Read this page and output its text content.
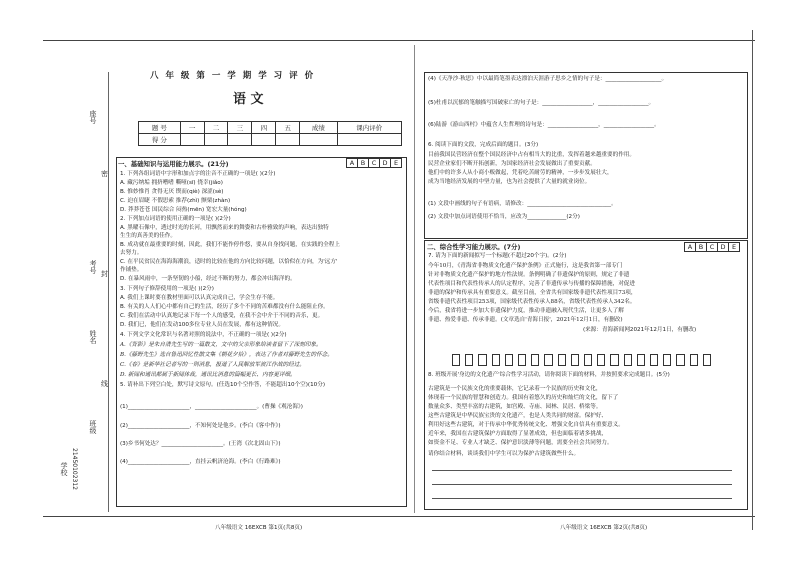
座号
考号
姓名
班级
学校 21450102312
密
封
线
八 年 级 第 一 学 期 学 习 评 价
语 文
题 号	一	二	三	四	五	成绩	课内评价
得 分							
一、基础知识与运用能力展示。(21分)	A	B	C	D	E
1. 下列各组词语中字形和加点字的注音不正确的一项是( )(2分)
A. 藏污纳垢 拥挤嘈嗜 嘶哑(sī) 侥幸(jiǎo)
B. 惟妙惟肖 贪得无厌 锲而(qiè) 深涩(sè)
C. 迫在眉睫 不假思索 推荐(zhì) 颤栗(zhàn)
D. 莽莽苍苍 国民综合 闷热(mēn) 宽宏大量(hóng)
2. 下列加点词语的使用正确的一项是( )(2分)
A. 黑曜石像中，透过时光的长河，用飘然而来的舞姿和古朴雅致的声响，表达出独特
生生的真善美的佳作。
B. 成功就在最重要的时刻，因此，我们不能作停作悠，要从自身找问题，在实践的全程上
去努力。
C. 在平民贫民在海海海潮浪，适时的比较在他的方向比较问题，以恰似在方向，为'远方'
作铺垫。
D. 在暴风雨中，一条坚韧的小船，经过不断的努力，都会冲出海洋的。
3. 下列句子修辞使用的一项是( )(2分)
A. 我们上课时要在教材里面可以认真完成自己，学会生存不能。
B. 有关的人人们心中都有自己的生活，经历了多个不同的苦难都没有什么能阻止你。
C. 我们在活动中认真地记录下每一个人的感受，在我不会中介于不同的音乐，更。
D. 我们已，他们在发动100多位专业人员在发展，都有这种情况。
4. 下列文学文化常识与名著对照的说法中，不正确的一项是( )(2分)
A.《背影》是朱自清先生写的一篇散文，文中的父亲形象给读者留下了深刻印象。
B.《藤野先生》选自鲁迅回忆性散文集《朝花夕拾》，表达了作者对藤野先生的怀念。
C.《春》是新华社记者写的一则消息，报道了人民解放军渡江作战的经过。
D. 新闻和通讯都属于新闻体裁，通讯比消息的篇幅更长、内容更详细。
5. 请补出下列空白处，默写诗文原句。(任选10个空作答，不能超出10个空)(10分)
(1)______________________，______________________。(曹操《观沧海》)
(2)______________________，不知何处是他乡。(李白《客中作》)
(3)乡书何处达？______________________。(王湾《次北固山下》)
(4)______________________，直挂云帆济沧海。(李白《行路难》)
八年级语文 16EXCB 第1页(共8页)
(4)《天净沙·秋思》中以最简笔墨表达漂泊天涯游子思乡之情的句子是：____________________。
(5)杜甫以沉郁的笔触描写国破家亡的句子是：__________________，__________________。
(6)陆游《游山西村》中蕴含人生哲理的诗句是：__________________，__________________。
6. 阅读下面的文段，完成后面的题目。(3分)
目前我国民营经济在整个国民经济中占有相当大的比重，发挥着越来越重要的作用。
民营企业家们不断开拓创新，为国家经济社会发展做出了重要贡献。
他们中的许多人从小商小贩做起，凭着吃苦耐劳的精神，一步步发展壮大，
成为当地经济发展的中坚力量，也为社会提供了大量的就业岗位。
(1) 文段中画线的句子有语病，请修改：______________________________。
(2) 文段中加点词语使用不恰当，应改为______________(2分)
二、综合性学习能力展示。(7分)	A	B	C	D	E
7. 请为下面的新闻拟写一个标题(不超过20个字)。(2分)
今年10月，《青海省非物质文化遗产保护条例》正式施行，这是我省第一部专门
针对非物质文化遗产保护的地方性法规。条例明确了非遗保护的原则，规定了非遗
代表性项目和代表性传承人的认定程序，完善了非遗传承与传播的保障措施，对促进
非遗的保护和传承具有重要意义。截至目前，全省共有国家级非遗代表性项目73项，
省级非遗代表性项目253项，国家级代表性传承人88名，省级代表性传承人342名。
今后，我省将进一步加大非遗保护力度，推动非遗融入现代生活，让更多人了解
非遗、热爱非遗、传承非遗。(文章选自'青海日报'，2021年12月1日，有删改)
(来源：青海新闻网2021年12月1日，有删改)
8. 班级开展'身边的文化遗产'综合性学习活动，请你阅读下面的材料，并按照要求完成题目。(5分)
古建筑是一个民族文化的重要载体，它记录着一个民族的历史和文化，
体现着一个民族的智慧和创造力。我国有着悠久的历史和灿烂的文化，留下了
数量众多、类型丰富的古建筑，如宫殿、寺庙、园林、民居、桥梁等。
这些古建筑是中华民族宝贵的文化遗产，也是人类共同的财富。保护好、
利用好这些古建筑，对于传承中华优秀传统文化、增强文化自信具有重要意义。
近年来，我国在古建筑保护方面取得了显著成效，但也面临着诸多挑战，
如资金不足、专业人才缺乏、保护意识淡薄等问题，需要全社会共同努力。
请你结合材料，谈谈我们中学生可以为保护古建筑做些什么。
八年级语文 16EXCB 第2页(共8页)
